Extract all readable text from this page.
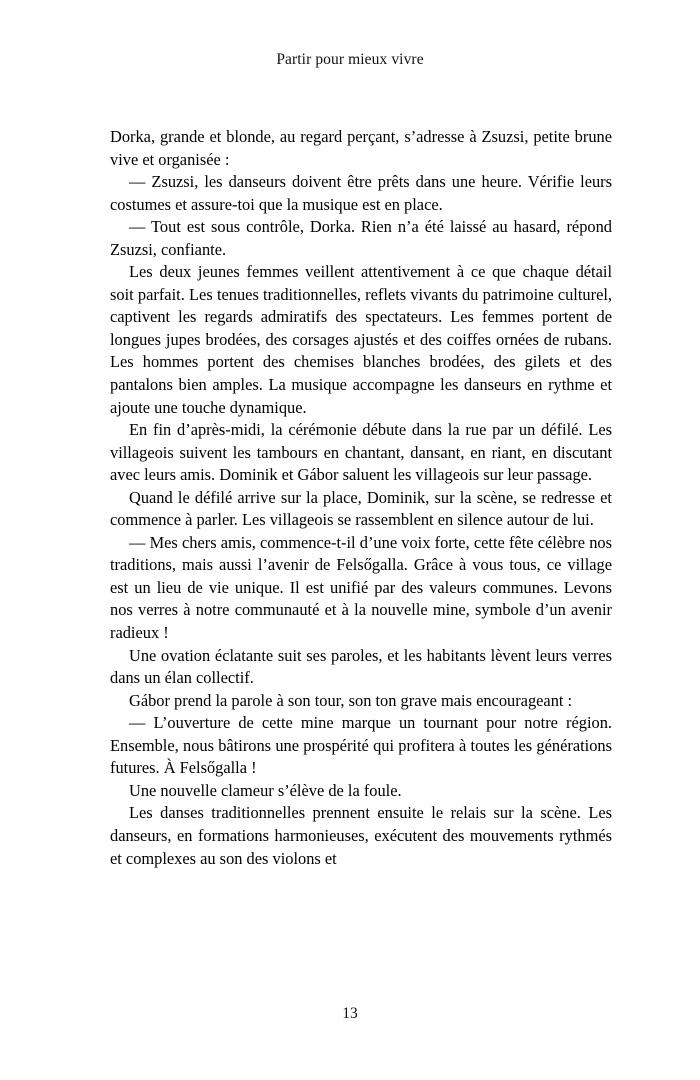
Partir pour mieux vivre

Dorka, grande et blonde, au regard perçant, s’adresse à Zsuzsi, petite brune vive et organisée :

— Zsuzsi, les danseurs doivent être prêts dans une heure. Vérifie leurs costumes et assure‑toi que la musique est en place.

— Tout est sous contrôle, Dorka. Rien n’a été laissé au hasard, répond Zsuzsi, confiante.

Les deux jeunes femmes veillent attentivement à ce que chaque détail soit parfait. Les tenues traditionnelles, reflets vivants du patrimoine culturel, captivent les regards admiratifs des spectateurs. Les femmes portent de longues jupes brodées, des corsages ajustés et des coiffes ornées de rubans. Les hommes portent des chemises blanches brodées, des gilets et des pantalons bien amples. La musique accompagne les danseurs en rythme et ajoute une touche dynamique.

En fin d’après‑midi, la cérémonie débute dans la rue par un défilé. Les villageois suivent les tambours en chantant, dansant, en riant, en discutant avec leurs amis. Dominik et Gábor saluent les villageois sur leur passage.

Quand le défilé arrive sur la place, Dominik, sur la scène, se redresse et commence à parler. Les villageois se rassemblent en silence autour de lui.

— Mes chers amis, commence‑t‑il d’une voix forte, cette fête célèbre nos traditions, mais aussi l’avenir de Felsőgalla. Grâce à vous tous, ce village est un lieu de vie unique. Il est unifié par des valeurs communes. Levons nos verres à notre communauté et à la nouvelle mine, symbole d’un avenir radieux !

Une ovation éclatante suit ses paroles, et les habitants lèvent leurs verres dans un élan collectif.

Gábor prend la parole à son tour, son ton grave mais encourageant :

— L’ouverture de cette mine marque un tournant pour notre région. Ensemble, nous bâtirons une prospérité qui profitera à toutes les générations futures. À Felsőgalla !

Une nouvelle clameur s’élève de la foule.

Les danses traditionnelles prennent ensuite le relais sur la scène. Les danseurs, en formations harmonieuses, exécutent des mouvements rythmés et complexes au son des violons et

13
